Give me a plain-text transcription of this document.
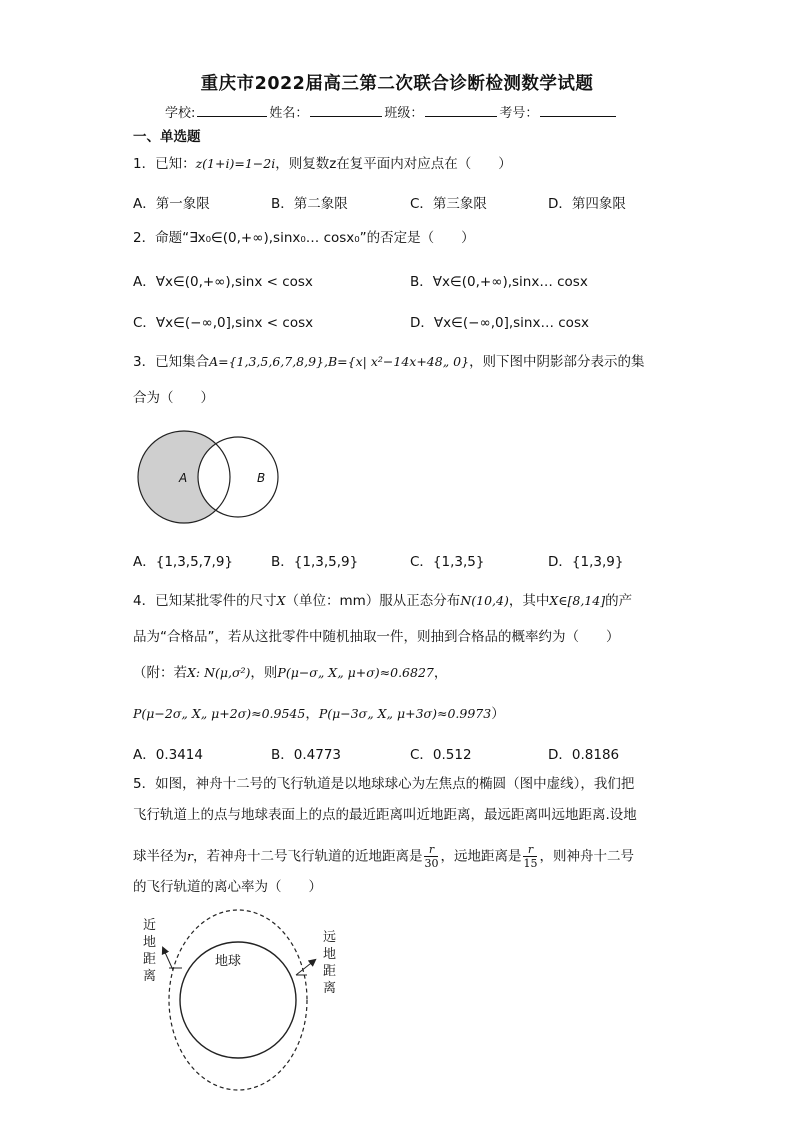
重庆市2022届高三第二次联合诊断检测数学试题
学校:	姓名：	班级：	考号：
一、单选题
1．已知：z(1+i)=1−2i，则复数z在复平面内对应点在（　　）
A．第一象限	B．第二象限	C．第三象限	D．第四象限
2．命题“∃x₀∈(0,+∞),sinx₀… cosx₀”的否定是（　　）
A．∀x∈(0,+∞),sinx < cosx	B．∀x∈(0,+∞),sinx… cosx
C．∀x∈(−∞,0],sinx < cosx	D．∀x∈(−∞,0],sinx… cosx
3．已知集合A={1,3,5,6,7,8,9},B={x| x²−14x+48„ 0}，则下图中阴影部分表示的集
合为（　　）
A	B
A．{1,3,5,7,9}	B．{1,3,5,9}	C．{1,3,5}	D．{1,3,9}
4．已知某批零件的尺寸X（单位：mm）服从正态分布N(10,4)，其中X∈[8,14]的产
品为“合格品”，若从这批零件中随机抽取一件，则抽到合格品的概率约为（　　）
（附：若X: N(μ,σ²)，则P(μ−σ„ X„ μ+σ)≈0.6827，
P(μ−2σ„ X„ μ+2σ)≈0.9545，P(μ−3σ„ X„ μ+3σ)≈0.9973）
A．0.3414	B．0.4773	C．0.512	D．0.8186
5．如图，神舟十二号的飞行轨道是以地球球心为左焦点的椭圆（图中虚线），我们把
飞行轨道上的点与地球表面上的点的最近距离叫近地距离，最远距离叫远地距离.设地
球半径为r，若神舟十二号飞行轨道的近地距离是 $\frac{r}{30}$ ，远地距离是 $\frac{r}{15}$ ，则神舟十二号
的飞行轨道的离心率为（　　）
地球
近
地
距
离
远
地
距
离
